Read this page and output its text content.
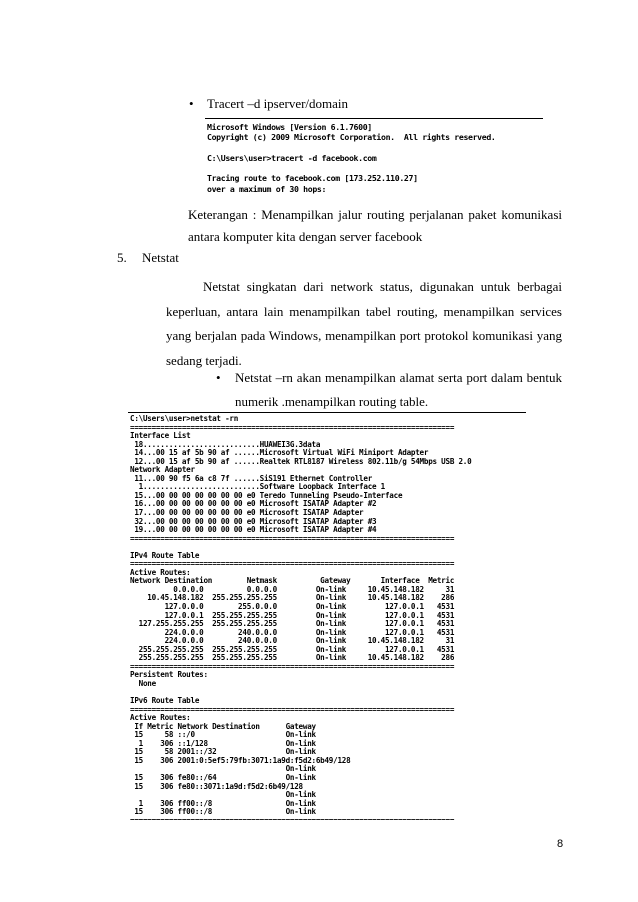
• Tracert –d ipserver/domain
Microsoft Windows [Version 6.1.7600]
Copyright (c) 2009 Microsoft Corporation.  All rights reserved.

C:\Users\user>tracert -d facebook.com

Tracing route to facebook.com [173.252.110.27]
over a maximum of 30 hops:

Keterangan : Menampilkan jalur routing perjalanan paket komunikasi antara komputer kita dengan server facebook
5. Netstat
Netstat singkatan dari network status, digunakan untuk berbagai keperluan, antara lain menampilkan tabel routing, menampilkan services yang berjalan pada Windows, menampilkan port protokol komunikasi yang sedang terjadi.
• Netstat –rn akan menampilkan alamat serta port dalam bentuk numerik .menampilkan routing table.
C:\Users\user>netstat -rn
===========================================================================
Interface List
18...........................HUAWEI3G.3data
14...00 15 af 5b 90 af ......Microsoft Virtual WiFi Miniport Adapter
12...00 15 af 5b 90 af ......Realtek RTL8187 Wireless 802.11b/g 54Mbps USB 2.0
Network Adapter
11...00 90 f5 6a c8 7f ......SiS191 Ethernet Controller
1...........................Software Loopback Interface 1
15...00 00 00 00 00 00 00 e0 Teredo Tunneling Pseudo-Interface
16...00 00 00 00 00 00 00 e0 Microsoft ISATAP Adapter #2
17...00 00 00 00 00 00 00 e0 Microsoft ISATAP Adapter
32...00 00 00 00 00 00 00 e0 Microsoft ISATAP Adapter #3
19...00 00 00 00 00 00 00 e0 Microsoft ISATAP Adapter #4
===========================================================================

IPv4 Route Table
===========================================================================
Active Routes:
Network Destination        Netmask          Gateway       Interface  Metric
0.0.0.0          0.0.0.0         On-link     10.45.148.182     31
10.45.148.182  255.255.255.255         On-link     10.45.148.182    286
127.0.0.0        255.0.0.0         On-link         127.0.0.1   4531
127.0.0.1  255.255.255.255         On-link         127.0.0.1   4531
127.255.255.255  255.255.255.255         On-link         127.0.0.1   4531
224.0.0.0        240.0.0.0         On-link         127.0.0.1   4531
224.0.0.0        240.0.0.0         On-link     10.45.148.182     31
255.255.255.255  255.255.255.255         On-link         127.0.0.1   4531
255.255.255.255  255.255.255.255         On-link     10.45.148.182    286
===========================================================================
Persistent Routes:
None

IPv6 Route Table
===========================================================================
Active Routes:
If Metric Network Destination      Gateway
15     58 ::/0                     On-link
1    306 ::1/128                  On-link
15     58 2001::/32                On-link
15    306 2001:0:5ef5:79fb:3071:1a9d:f5d2:6b49/128
On-link
15    306 fe80::/64                On-link
15    306 fe80::3071:1a9d:f5d2:6b49/128
On-link
1    306 ff00::/8                 On-link
15    306 ff00::/8                 On-link
===========================================================================
8
